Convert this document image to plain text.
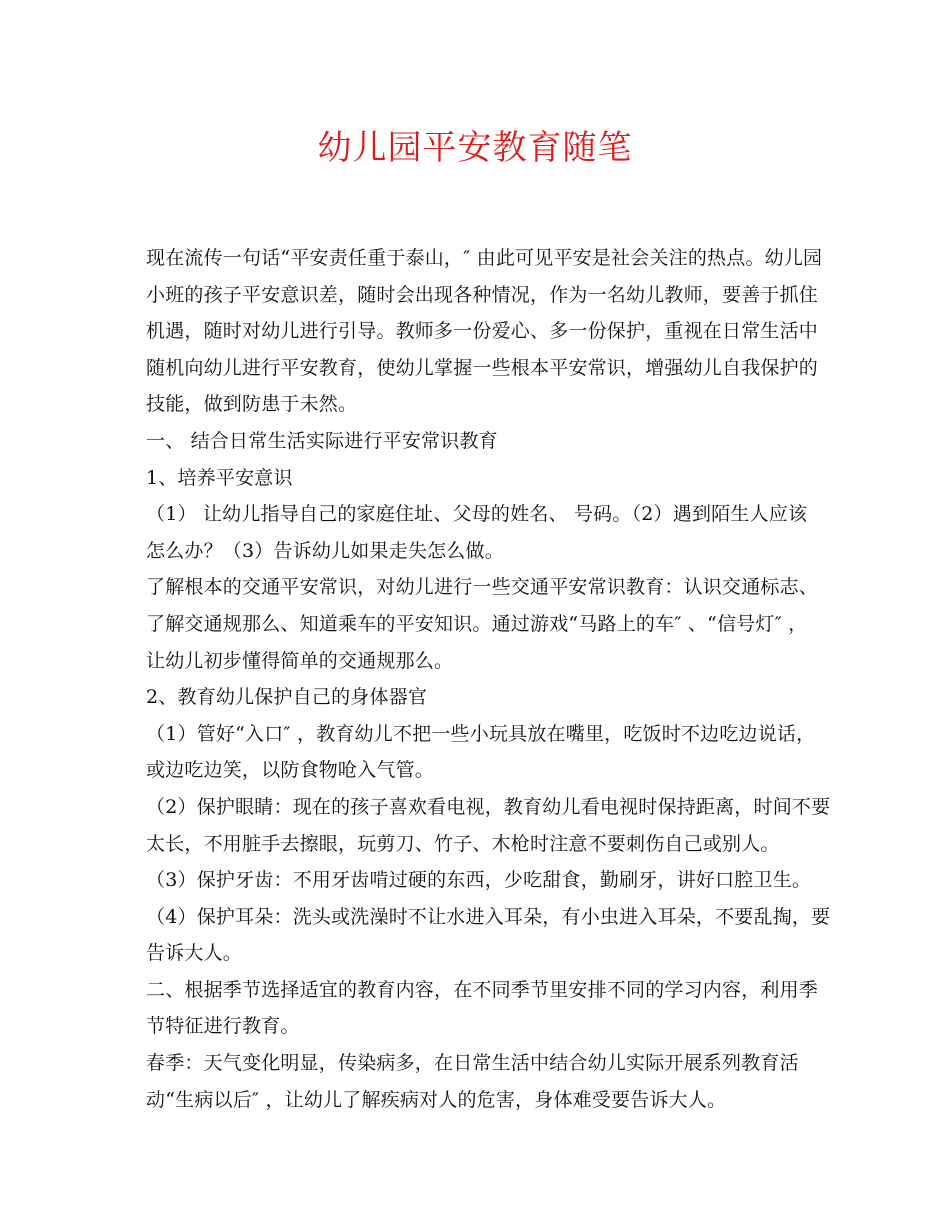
幼儿园平安教育随笔
现在流传一句话“平安责任重于泰山，″ 由此可见平安是社会关注的热点。幼儿园
小班的孩子平安意识差，随时会出现各种情况，作为一名幼儿教师，要善于抓住
机遇，随时对幼儿进行引导。教师多一份爱心、多一份保护，重视在日常生活中
随机向幼儿进行平安教育，使幼儿掌握一些根本平安常识，增强幼儿自我保护的
技能，做到防患于未然。
一、 结合日常生活实际进行平安常识教育
1、培养平安意识
（1） 让幼儿指导自己的家庭住址、父母的姓名、 号码。（2）遇到陌生人应该
怎么办？（3）告诉幼儿如果走失怎么做。
了解根本的交通平安常识，对幼儿进行一些交通平安常识教育：认识交通标志、
了解交通规那么、知道乘车的平安知识。通过游戏“马路上的车″ 、“信号灯″ ，
让幼儿初步懂得简单的交通规那么。
2、教育幼儿保护自己的身体器官
（1）管好“入口″ ，教育幼儿不把一些小玩具放在嘴里，吃饭时不边吃边说话，
或边吃边笑，以防食物呛入气管。
（2）保护眼睛：现在的孩子喜欢看电视，教育幼儿看电视时保持距离，时间不要
太长，不用脏手去擦眼，玩剪刀、竹子、木枪时注意不要刺伤自己或别人。
（3）保护牙齿：不用牙齿啃过硬的东西，少吃甜食，勤刷牙，讲好口腔卫生。
（4）保护耳朵：洗头或洗澡时不让水进入耳朵，有小虫进入耳朵，不要乱掏，要
告诉大人。
二、根据季节选择适宜的教育内容，在不同季节里安排不同的学习内容，利用季
节特征进行教育。
春季：天气变化明显，传染病多，在日常生活中结合幼儿实际开展系列教育活
动“生病以后″ ，让幼儿了解疾病对人的危害，身体难受要告诉大人。
